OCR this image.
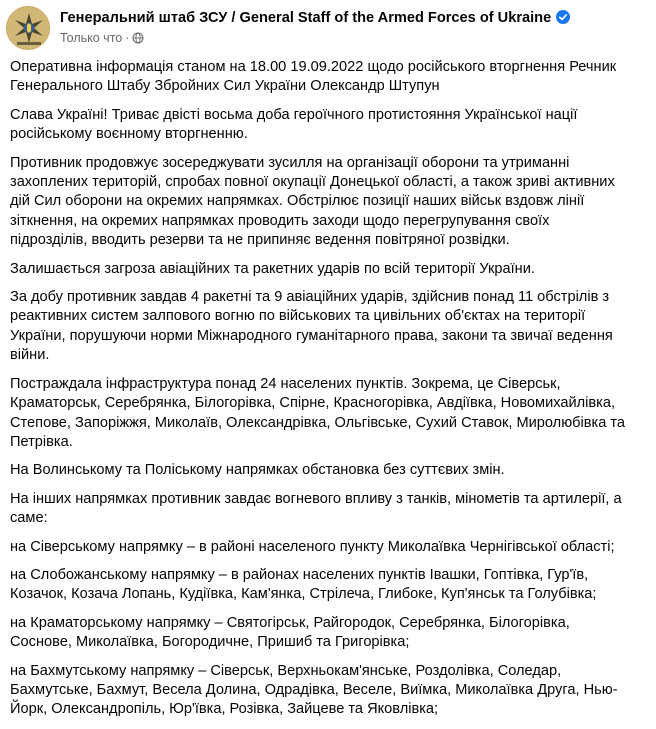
Генеральний штаб ЗСУ / General Staff of the Armed Forces of Ukraine
Только что ·

Оперативна інформація станом на 18.00 19.09.2022 щодо російського вторгнення Речник Генерального Штабу Збройних Сил України Олександр Штупун

Слава Україні! Триває двісті восьма доба героїчного протистояння Української нації російському воєнному вторгненню.

Противник продовжує зосереджувати зусилля на організації оборони та утриманні захоплених територій, спробах повної окупації Донецької області, а також зриві активних дій Сил оборони на окремих напрямках. Обстрілює позиції наших військ вздовж лінії зіткнення, на окремих напрямках проводить заходи щодо перегрупування своїх підрозділів, вводить резерви та не припиняє ведення повітряної розвідки.

Залишається загроза авіаційних та ракетних ударів по всій території України.

За добу противник завдав 4 ракетні та 9 авіаційних ударів, здійснив понад 11 обстрілів з реактивних систем залпового вогню по військових та цивільних об'єктах на території України, порушуючи норми Міжнародного гуманітарного права, закони та звичаї ведення війни.

Постраждала інфраструктура понад 24 населених пунктів. Зокрема, це Сіверськ, Краматорськ, Серебрянка, Білогорівка, Спірне, Красногорівка, Авдіївка, Новомихайлівка, Степове, Запоріжжя, Миколаїв, Олександрівка, Ольгівське, Сухий Ставок, Миролюбівка та Петрівка.

На Волинському та Поліському напрямках обстановка без суттєвих змін.

На інших напрямках противник завдає вогневого впливу з танків, мінометів та артилерії, а саме:

на Сіверському напрямку – в районі населеного пункту Миколаївка Чернігівської області;

на Слобожанському напрямку – в районах населених пунктів Івашки, Гоптівка, Гур'їв, Козачок, Козача Лопань, Кудіївка, Кам'янка, Стрілеча, Глибоке, Куп'янськ та Голубівка;

на Краматорському напрямку – Святогірськ, Райгородок, Серебрянка, Білогорівка, Соснове, Миколаївка, Богородичне, Пришиб та Григорівка;

на Бахмутському напрямку – Сіверськ, Верхньокам'янське, Роздолівка, Соледар, Бахмутське, Бахмут, Весела Долина, Одрадівка, Веселе, Виїмка, Миколаївка Друга, Нью-Йорк, Олександропіль, Юр'ївка, Розівка, Зайцеве та Яковлівка;
